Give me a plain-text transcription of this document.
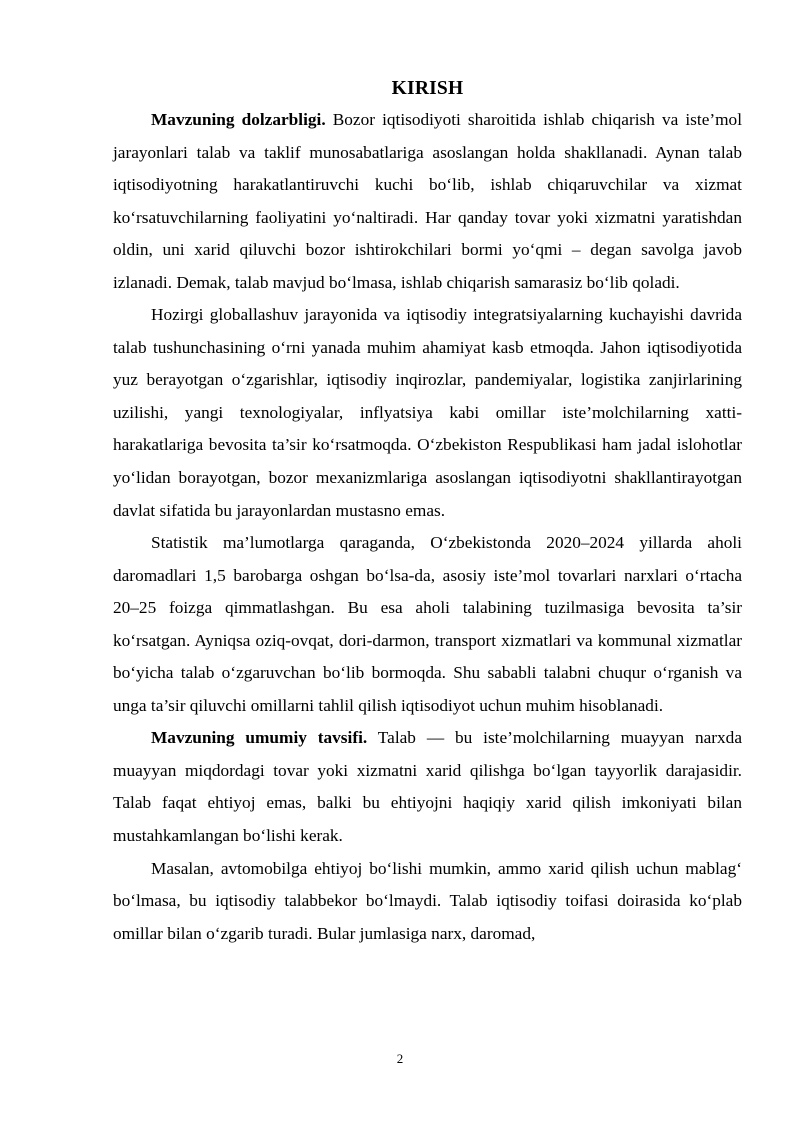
KIRISH

Mavzuning dolzarbligi. Bozor iqtisodiyoti sharoitida ishlab chiqarish va iste’mol jarayonlari talab va taklif munosabatlariga asoslangan holda shakllanadi. Aynan talab iqtisodiyotning harakatlantiruvchi kuchi bo‘lib, ishlab chiqaruvchilar va xizmat ko‘rsatuvchilarning faoliyatini yo‘naltiradi. Har qanday tovar yoki xizmatni yaratishdan oldin, uni xarid qiluvchi bozor ishtirokchilari bormi yo‘qmi – degan savolga javob izlanadi. Demak, talab mavjud bo‘lmasa, ishlab chiqarish samarasiz bo‘lib qoladi.

Hozirgi globallashuv jarayonida va iqtisodiy integratsiyalarning kuchayishi davrida talab tushunchasining o‘rni yanada muhim ahamiyat kasb etmoqda. Jahon iqtisodiyotida yuz berayotgan o‘zgarishlar, iqtisodiy inqirozlar, pandemiyalar, logistika zanjirlarining uzilishi, yangi texnologiyalar, inflyatsiya kabi omillar iste’molchilarning xatti-harakatlariga bevosita ta’sir ko‘rsatmoqda. O‘zbekiston Respublikasi ham jadal islohotlar yo‘lidan borayotgan, bozor mexanizmlariga asoslangan iqtisodiyotni shakllantirayotgan davlat sifatida bu jarayonlardan mustasno emas.

Statistik ma’lumotlarga qaraganda, O‘zbekistonda 2020–2024 yillarda aholi daromadlari 1,5 barobarga oshgan bo‘lsa-da, asosiy iste’mol tovarlari narxlari o‘rtacha 20–25 foizga qimmatlashgan. Bu esa aholi talabining tuzilmasiga bevosita ta’sir ko‘rsatgan. Ayniqsa oziq-ovqat, dori-darmon, transport xizmatlari va kommunal xizmatlar bo‘yicha talab o‘zgaruvchan bo‘lib bormoqda. Shu sababli talabni chuqur o‘rganish va unga ta’sir qiluvchi omillarni tahlil qilish iqtisodiyot uchun muhim hisoblanadi.

Mavzuning umumiy tavsifi. Talab — bu iste’molchilarning muayyan narxda muayyan miqdordagi tovar yoki xizmatni xarid qilishga bo‘lgan tayyorlik darajasidir. Talab faqat ehtiyoj emas, balki bu ehtiyojni haqiqiy xarid qilish imkoniyati bilan mustahkamlangan bo‘lishi kerak.

Masalan, avtomobilga ehtiyoj bo‘lishi mumkin, ammo xarid qilish uchun mablag‘ bo‘lmasa, bu iqtisodiy talabbekor bo‘lmaydi. Talab iqtisodiy toifasi doirasida ko‘plab omillar bilan o‘zgarib turadi. Bular jumlasiga narx, daromad,

2
